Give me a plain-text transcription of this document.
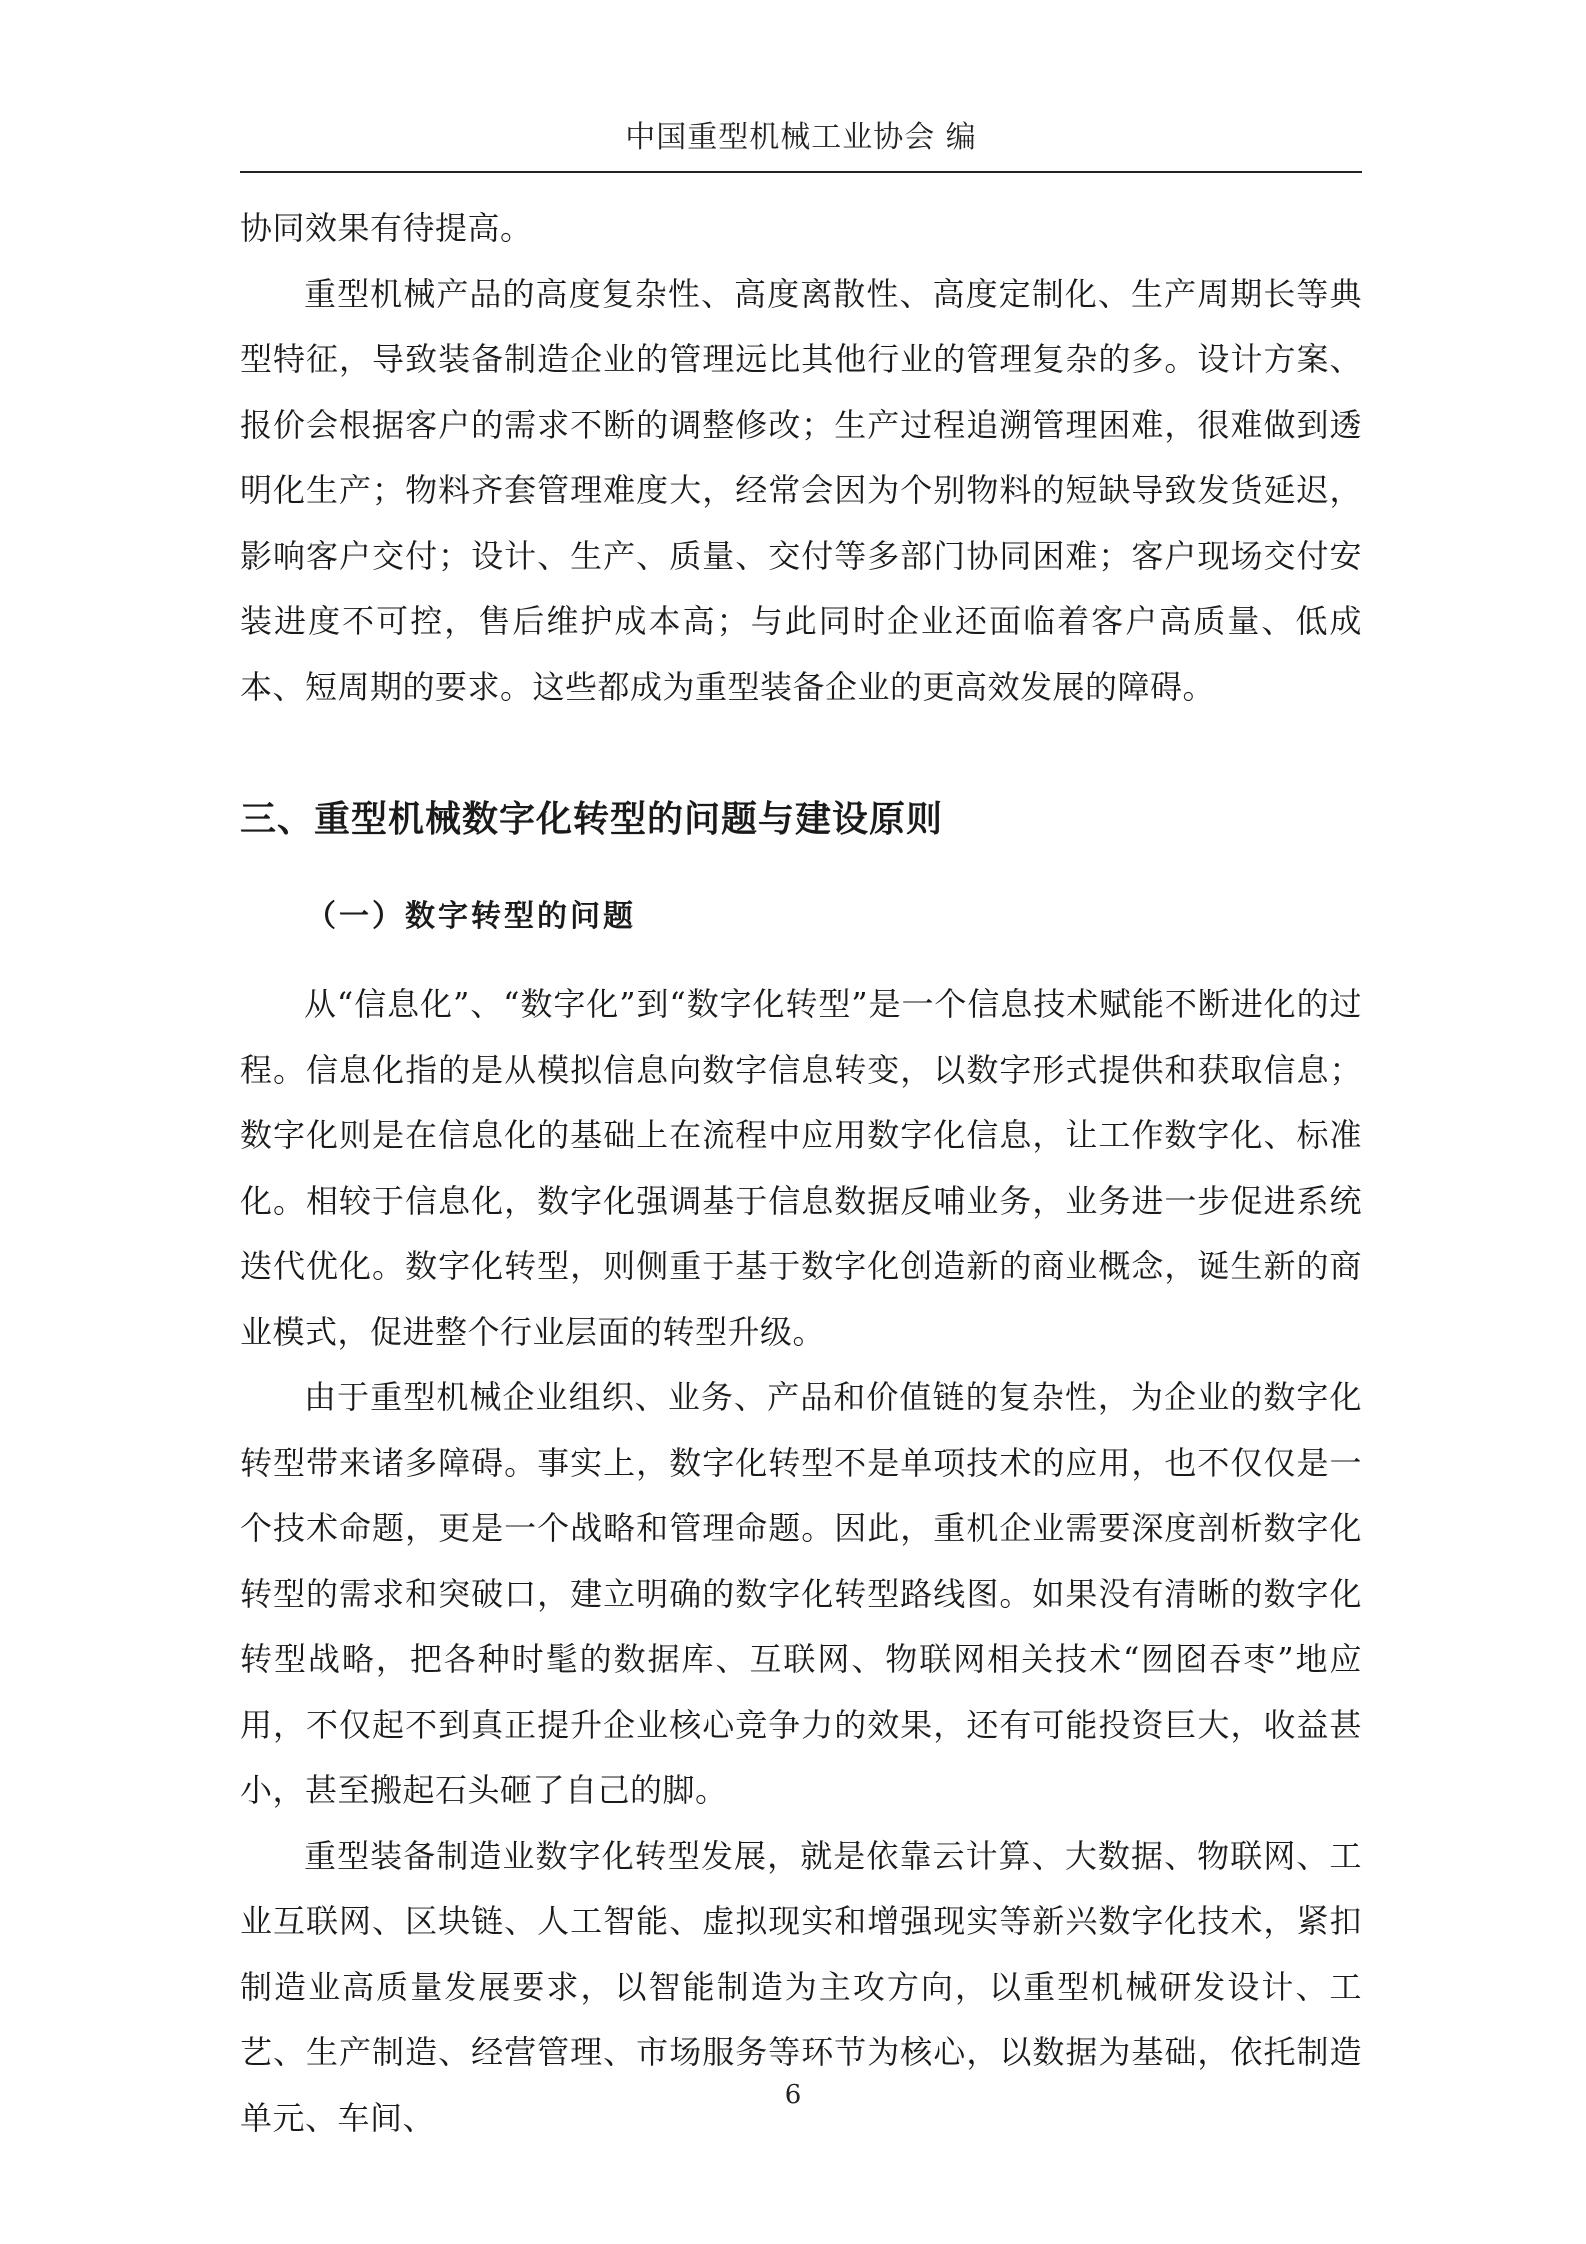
中国重型机械工业协会 编

协同效果有待提高。

重型机械产品的高度复杂性、高度离散性、高度定制化、生产周期长等典型特征，导致装备制造企业的管理远比其他行业的管理复杂的多。设计方案、报价会根据客户的需求不断的调整修改；生产过程追溯管理困难，很难做到透明化生产；物料齐套管理难度大，经常会因为个别物料的短缺导致发货延迟，影响客户交付；设计、生产、质量、交付等多部门协同困难；客户现场交付安装进度不可控，售后维护成本高；与此同时企业还面临着客户高质量、低成本、短周期的要求。这些都成为重型装备企业的更高效发展的障碍。

三、重型机械数字化转型的问题与建设原则
（一）数字转型的问题

从“信息化”、“数字化”到“数字化转型”是一个信息技术赋能不断进化的过程。信息化指的是从模拟信息向数字信息转变，以数字形式提供和获取信息；数字化则是在信息化的基础上在流程中应用数字化信息，让工作数字化、标准化。相较于信息化，数字化强调基于信息数据反哺业务，业务进一步促进系统迭代优化。数字化转型，则侧重于基于数字化创造新的商业概念，诞生新的商业模式，促进整个行业层面的转型升级。

由于重型机械企业组织、业务、产品和价值链的复杂性，为企业的数字化转型带来诸多障碍。事实上，数字化转型不是单项技术的应用，也不仅仅是一个技术命题，更是一个战略和管理命题。因此，重机企业需要深度剖析数字化转型的需求和突破口，建立明确的数字化转型路线图。如果没有清晰的数字化转型战略，把各种时髦的数据库、互联网、物联网相关技术“囫囵吞枣”地应用，不仅起不到真正提升企业核心竞争力的效果，还有可能投资巨大，收益甚小，甚至搬起石头砸了自己的脚。

重型装备制造业数字化转型发展，就是依靠云计算、大数据、物联网、工业互联网、区块链、人工智能、虚拟现实和增强现实等新兴数字化技术，紧扣制造业高质量发展要求，以智能制造为主攻方向，以重型机械研发设计、工艺、生产制造、经营管理、市场服务等环节为核心，以数据为基础，依托制造单元、车间、

6
